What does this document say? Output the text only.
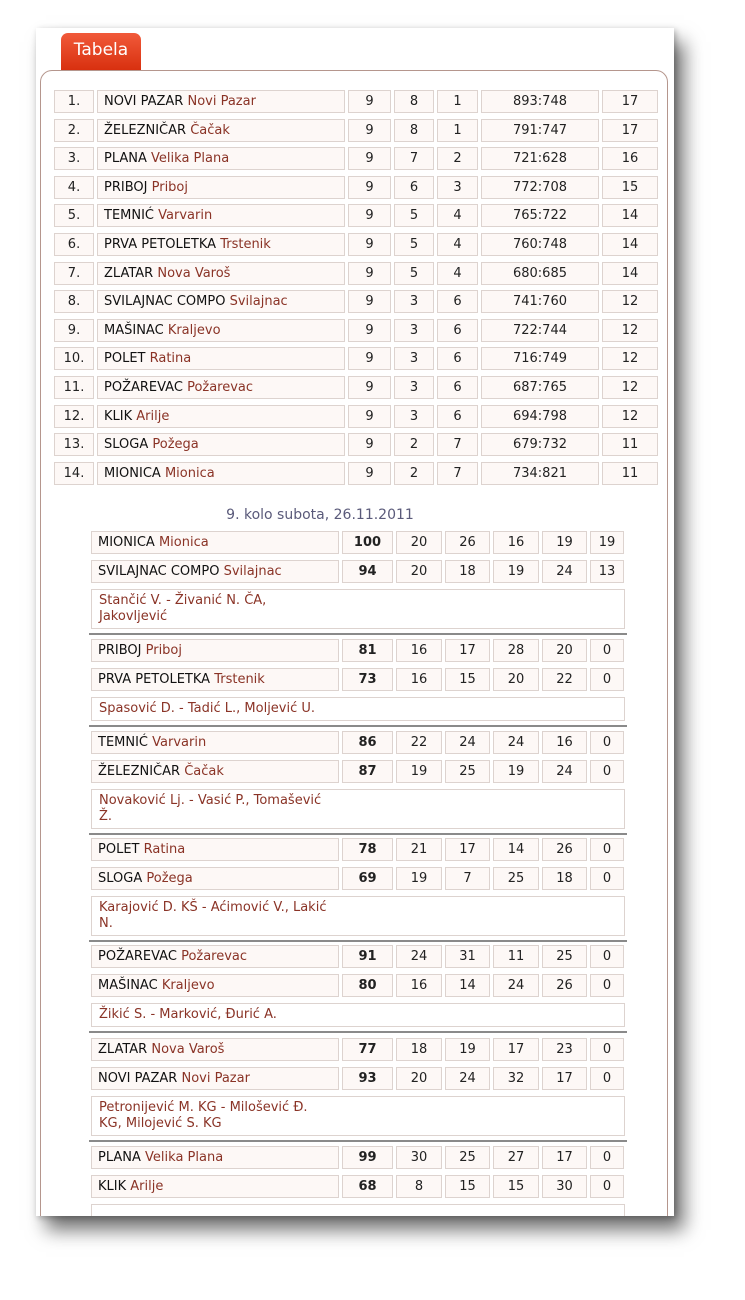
Tabela
1.	NOVI PAZAR Novi Pazar	9	8	1	893:748	17
2.	ŽELEZNIČAR Čačak	9	8	1	791:747	17
3.	PLANA Velika Plana	9	7	2	721:628	16
4.	PRIBOJ Priboj	9	6	3	772:708	15
5.	TEMNIĆ Varvarin	9	5	4	765:722	14
6.	PRVA PETOLETKA Trstenik	9	5	4	760:748	14
7.	ZLATAR Nova Varoš	9	5	4	680:685	14
8.	SVILAJNAC COMPO Svilajnac	9	3	6	741:760	12
9.	MAŠINAC Kraljevo	9	3	6	722:744	12
10.	POLET Ratina	9	3	6	716:749	12
11.	POŽAREVAC Požarevac	9	3	6	687:765	12
12.	KLIK Arilje	9	3	6	694:798	12
13.	SLOGA Požega	9	2	7	679:732	11
14.	MIONICA Mionica	9	2	7	734:821	11
9. kolo subota, 26.11.2011
MIONICA Mionica	100	20	26	16	19	19
SVILAJNAC COMPO Svilajnac	94	20	18	19	24	13
Stančić V. - Živanić N. ČA,
Jakovljević
PRIBOJ Priboj	81	16	17	28	20	0
PRVA PETOLETKA Trstenik	73	16	15	20	22	0
Spasović D. - Tadić L., Moljević U.
TEMNIĆ Varvarin	86	22	24	24	16	0
ŽELEZNIČAR Čačak	87	19	25	19	24	0
Novaković Lj. - Vasić P., Tomašević
Ž.
POLET Ratina	78	21	17	14	26	0
SLOGA Požega	69	19	7	25	18	0
Karajović D. KŠ - Aćimović V., Lakić
N.
POŽAREVAC Požarevac	91	24	31	11	25	0
MAŠINAC Kraljevo	80	16	14	24	26	0
Žikić S. - Marković, Đurić A.
ZLATAR Nova Varoš	77	18	19	17	23	0
NOVI PAZAR Novi Pazar	93	20	24	32	17	0
Petronijević M. KG - Milošević Đ.
KG, Milojević S. KG
PLANA Velika Plana	99	30	25	27	17	0
KLIK Arilje	68	8	15	15	30	0
